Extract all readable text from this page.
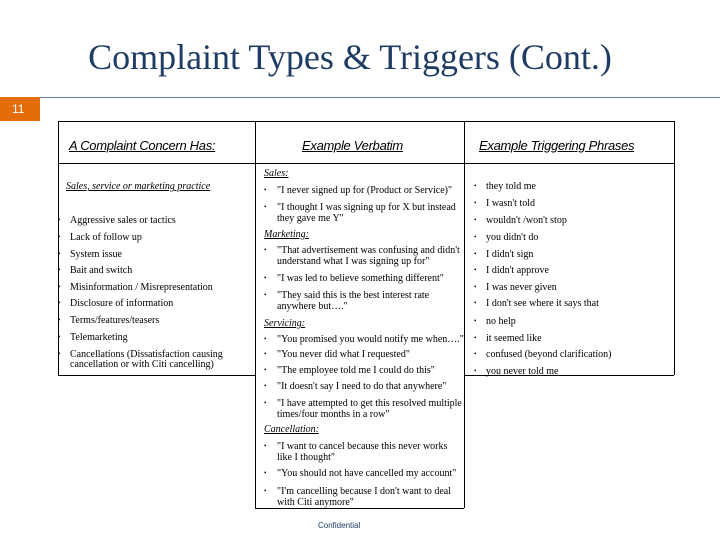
Complaint Types & Triggers (Cont.)
11
A Complaint Concern Has:	Example Verbatim	Example Triggering Phrases
Sales, service or marketing practice
• Aggressive sales or tactics
• Lack of follow up
• System issue
• Bait and switch
• Misinformation / Misrepresentation
• Disclosure of information
• Terms/features/teasers
• Telemarketing
• Cancellations (Dissatisfaction causing
cancellation or with Citi cancelling)
Sales:
• "I never signed up for (Product or Service)"
• "I thought I was signing up for X but instead
they gave me Y"
Marketing:
• "That advertisement was confusing and didn't
understand what I was signing up for"
• "I was led to believe something different"
• "They said this is the best interest rate
anywhere but…."
Servicing:
• "You promised you would notify me when…."
• "You never did what I requested"
• "The employee told me I could do this"
• "It doesn't say I need to do that anywhere"
• "I have attempted to get this resolved multiple
times/four months in a row"
Cancellation:
• "I want to cancel because this never works
like I thought"
• "You should not have cancelled my account"
• "I'm cancelling because I don't want to deal
with Citi anymore"
• they told me
• I wasn't told
• wouldn't /won't stop
• you didn't do
• I didn't sign
• I didn't approve
• I was never given
• I don't see where it says that
• no help
• it seemed like
• confused (beyond clarification)
• you never told me
Confidential
